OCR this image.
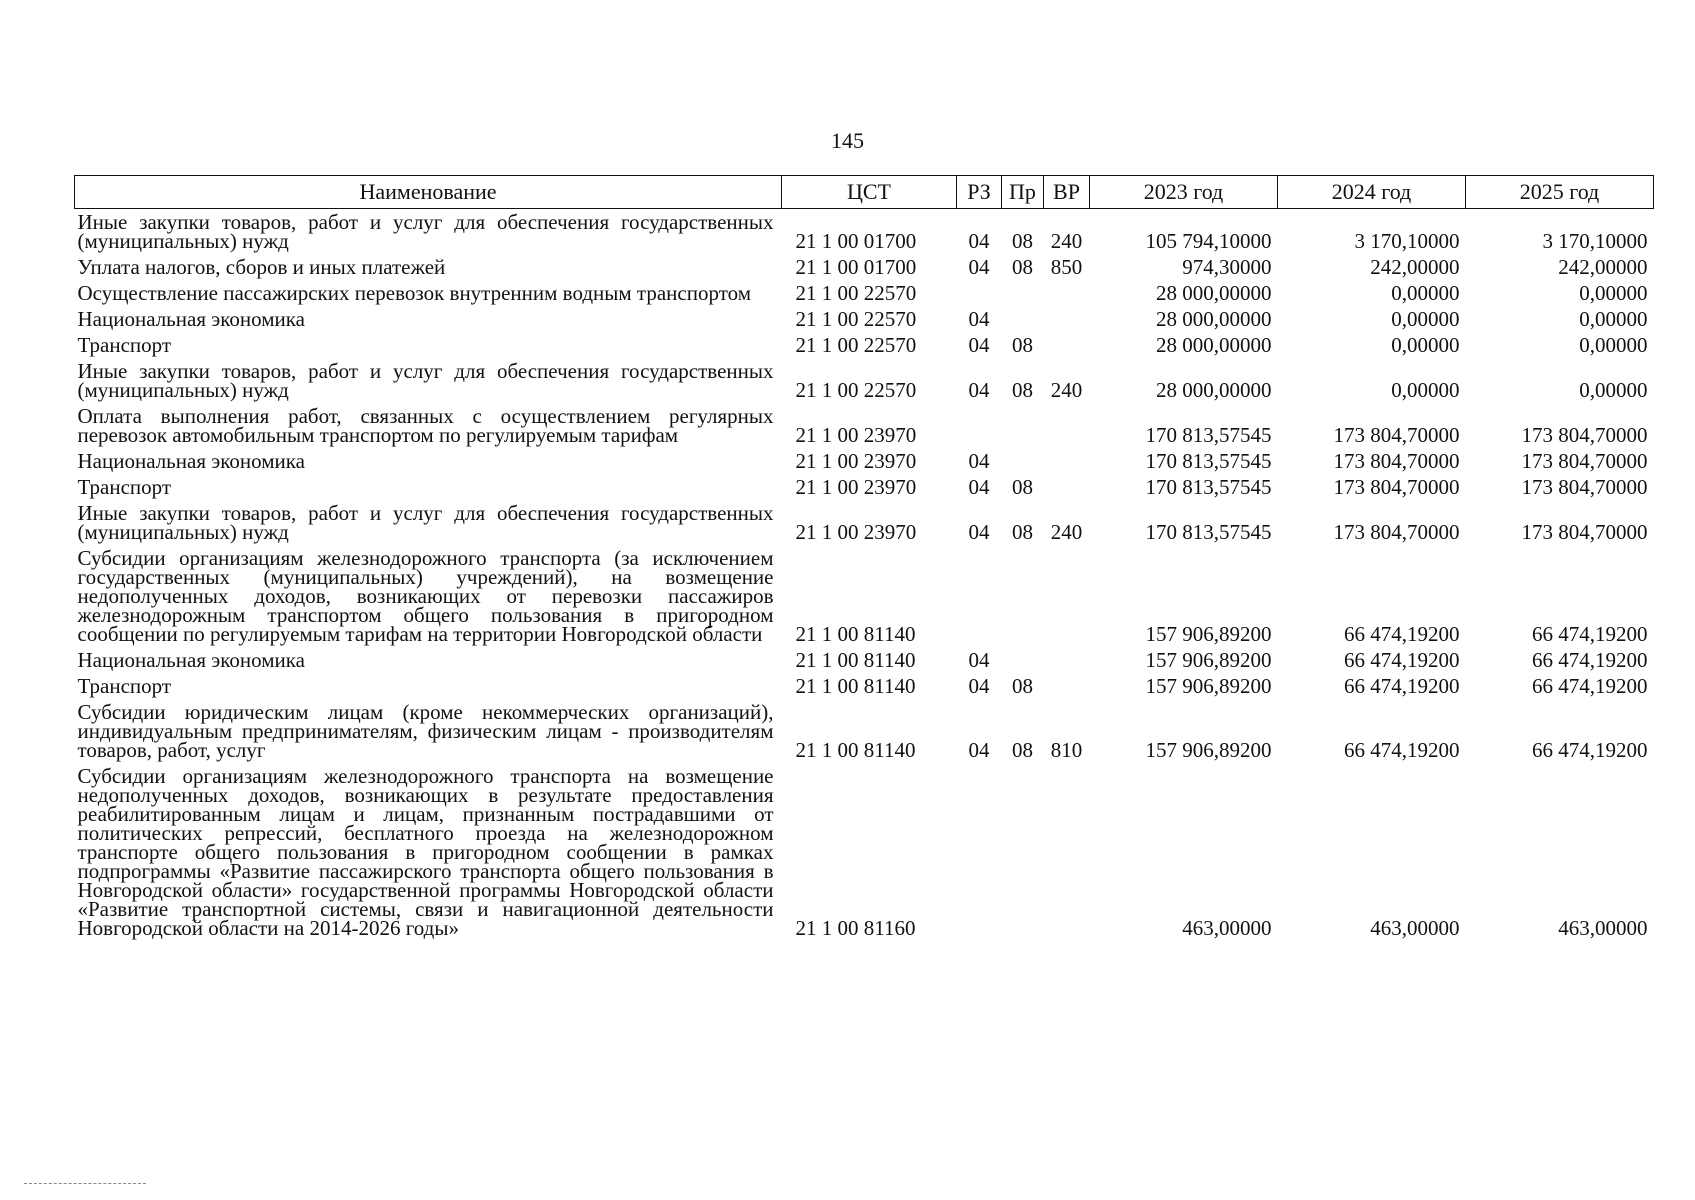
145
Наименование	ЦСТ	РЗ	Пр	ВР	2023 год	2024 год	2025 год
Иные закупки товаров, работ и услуг для обеспечения государственных (муниципальных) нужд	21 1 00 01700	04	08	240	105 794,10000	3 170,10000	3 170,10000
Уплата налогов, сборов и иных платежей	21 1 00 01700	04	08	850	974,30000	242,00000	242,00000
Осуществление пассажирских перевозок внутренним водным транспортом	21 1 00 22570				28 000,00000	0,00000	0,00000
Национальная экономика	21 1 00 22570	04			28 000,00000	0,00000	0,00000
Транспорт	21 1 00 22570	04	08		28 000,00000	0,00000	0,00000
Иные закупки товаров, работ и услуг для обеспечения государственных (муниципальных) нужд	21 1 00 22570	04	08	240	28 000,00000	0,00000	0,00000
Оплата выполнения работ, связанных с осуществлением регулярных перевозок автомобильным транспортом по регулируемым тарифам	21 1 00 23970				170 813,57545	173 804,70000	173 804,70000
Национальная экономика	21 1 00 23970	04			170 813,57545	173 804,70000	173 804,70000
Транспорт	21 1 00 23970	04	08		170 813,57545	173 804,70000	173 804,70000
Иные закупки товаров, работ и услуг для обеспечения государственных (муниципальных) нужд	21 1 00 23970	04	08	240	170 813,57545	173 804,70000	173 804,70000
Субсидии организациям железнодорожного транспорта (за исключением государственных (муниципальных) учреждений), на возмещение недополученных доходов, возникающих от перевозки пассажиров железнодорожным транспортом общего пользования в пригородном сообщении по регулируемым тарифам на территории Новгородской области	21 1 00 81140				157 906,89200	66 474,19200	66 474,19200
Национальная экономика	21 1 00 81140	04			157 906,89200	66 474,19200	66 474,19200
Транспорт	21 1 00 81140	04	08		157 906,89200	66 474,19200	66 474,19200
Субсидии юридическим лицам (кроме некоммерческих организаций), индивидуальным предпринимателям, физическим лицам - производителям товаров, работ, услуг	21 1 00 81140	04	08	810	157 906,89200	66 474,19200	66 474,19200
Субсидии организациям железнодорожного транспорта на возмещение недополученных доходов, возникающих в результате предоставления реабилитированным лицам и лицам, признанным пострадавшими от политических репрессий, бесплатного проезда на железнодорожном транспорте общего пользования в пригородном сообщении в рамках подпрограммы «Развитие пассажирского транспорта общего пользования в Новгородской области» государственной программы Новгородской области «Развитие транспортной системы, связи и навигационной деятельности Новгородской области на 2014-2026 годы»	21 1 00 81160				463,00000	463,00000	463,00000
